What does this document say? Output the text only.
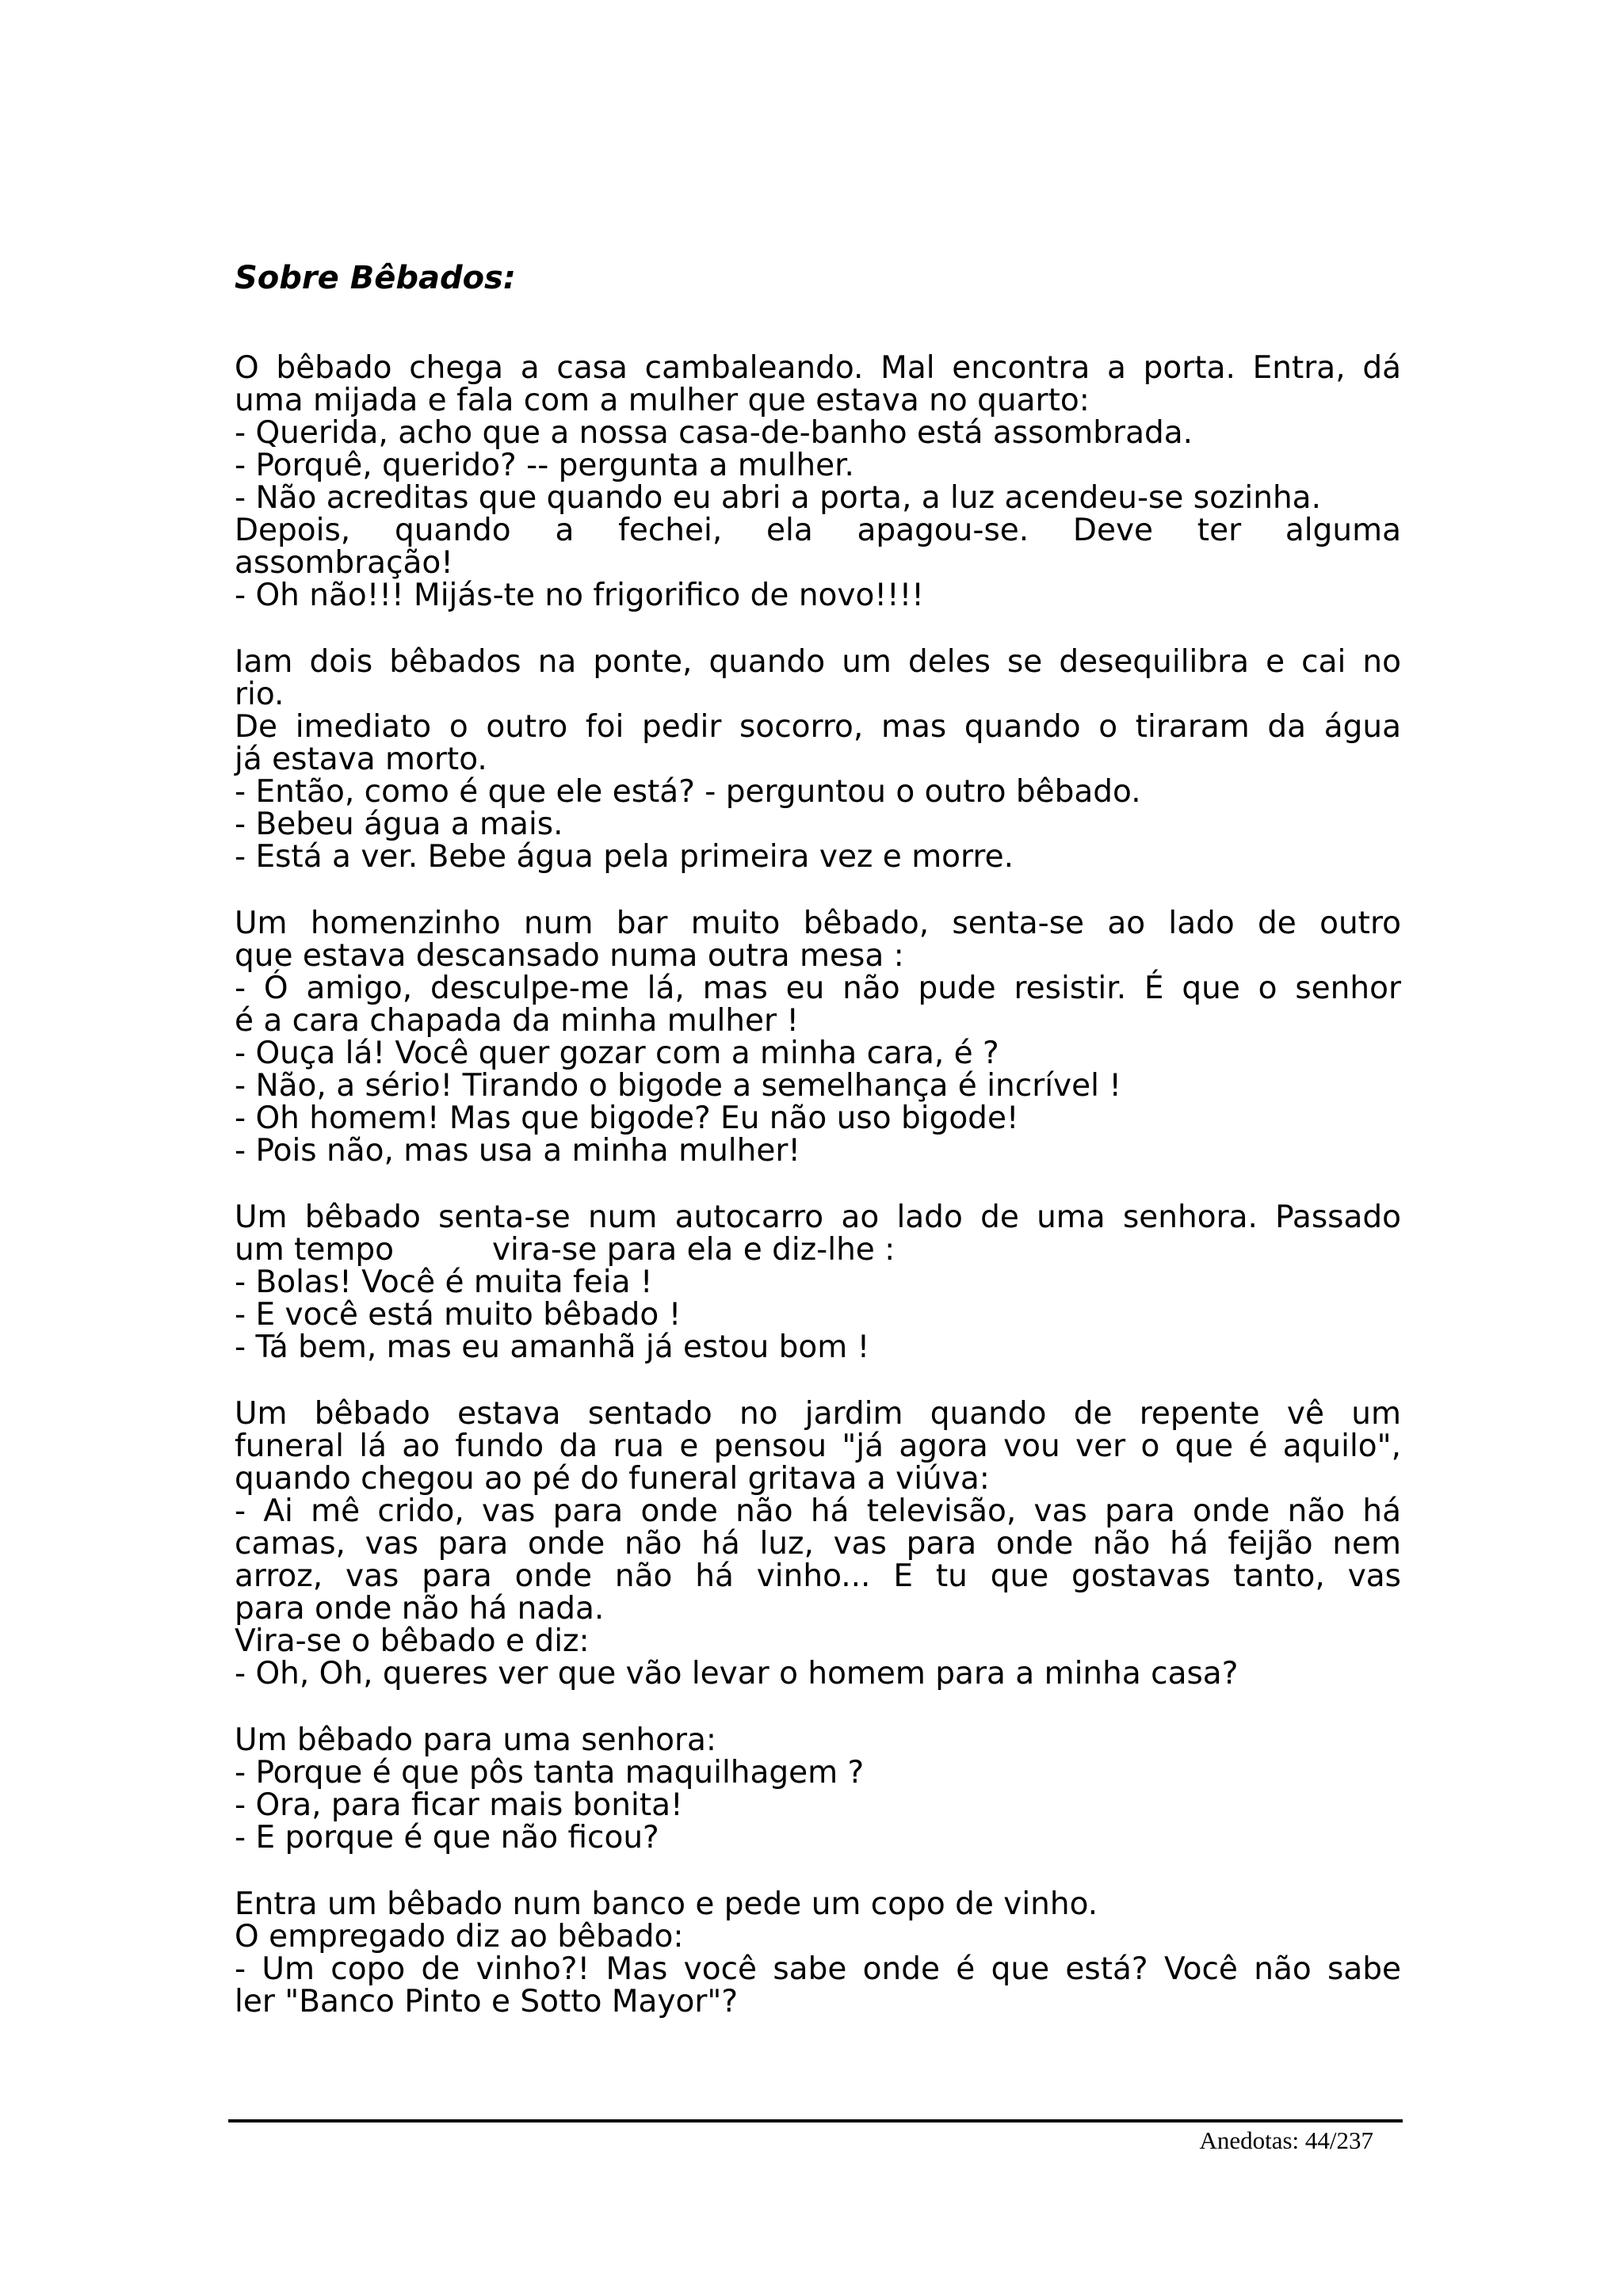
Sobre Bêbados:
O bêbado chega a casa cambaleando. Mal encontra a porta. Entra, dá
uma mijada e fala com a mulher que estava no quarto:
- Querida, acho que a nossa casa-de-banho está assombrada.
- Porquê, querido? -- pergunta a mulher.
- Não acreditas que quando eu abri a porta, a luz acendeu-se sozinha.
Depois, quando a fechei, ela apagou-se. Deve ter alguma
assombração!
- Oh não!!! Mijás-te no frigorifico de novo!!!!
Iam dois bêbados na ponte, quando um deles se desequilibra e cai no
rio.
De imediato o outro foi pedir socorro, mas quando o tiraram da água
já estava morto.
- Então, como é que ele está? - perguntou o outro bêbado.
- Bebeu água a mais.
- Está a ver. Bebe água pela primeira vez e morre.
Um homenzinho num bar muito bêbado, senta-se ao lado de outro
que estava descansado numa outra mesa :
- Ó amigo, desculpe-me lá, mas eu não pude resistir. É que o senhor
é a cara chapada da minha mulher !
- Ouça lá! Você quer gozar com a minha cara, é ?
- Não, a sério! Tirando o bigode a semelhança é incrível !
- Oh homem! Mas que bigode? Eu não uso bigode!
- Pois não, mas usa a minha mulher!
Um bêbado senta-se num autocarro ao lado de uma senhora. Passado
um tempo          vira-se para ela e diz-lhe :
- Bolas! Você é muita feia !
- E você está muito bêbado !
- Tá bem, mas eu amanhã já estou bom !
Um bêbado estava sentado no jardim quando de repente vê um
funeral lá ao fundo da rua e pensou "já agora vou ver o que é aquilo",
quando chegou ao pé do funeral gritava a viúva:
- Ai mê crido, vas para onde não há televisão, vas para onde não há
camas, vas para onde não há luz, vas para onde não há feijão nem
arroz, vas para onde não há vinho... E tu que gostavas tanto, vas
para onde não há nada.
Vira-se o bêbado e diz:
- Oh, Oh, queres ver que vão levar o homem para a minha casa?
Um bêbado para uma senhora:
- Porque é que pôs tanta maquilhagem ?
- Ora, para ficar mais bonita!
- E porque é que não ficou?
Entra um bêbado num banco e pede um copo de vinho.
O empregado diz ao bêbado:
- Um copo de vinho?! Mas você sabe onde é que está? Você não sabe
ler "Banco Pinto e Sotto Mayor"?
Anedotas: 44/237
